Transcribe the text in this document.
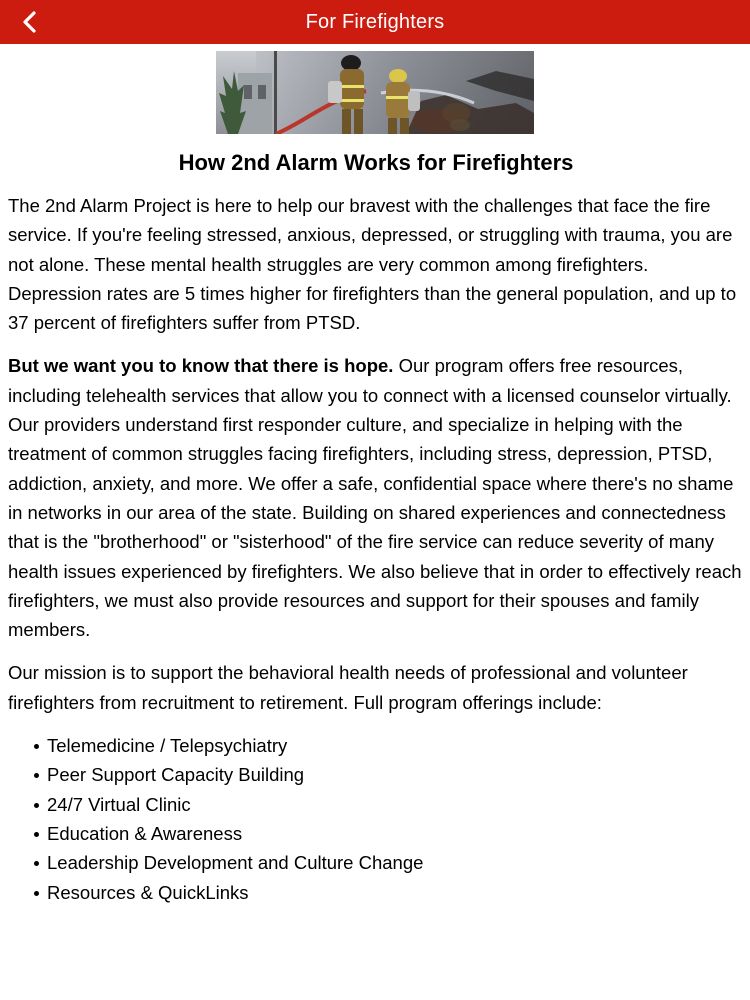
For Firefighters
How 2nd Alarm Works for Firefighters

The 2nd Alarm Project is here to help our bravest with the challenges that face the fire service. If you're feeling stressed, anxious, depressed, or struggling with trauma, you are not alone. These mental health struggles are very common among firefighters. Depression rates are 5 times higher for firefighters than the general population, and up to 37 percent of firefighters suffer from PTSD.

But we want you to know that there is hope. Our program offers free resources, including telehealth services that allow you to connect with a licensed counselor virtually. Our providers understand first responder culture, and specialize in helping with the treatment of common struggles facing firefighters, including stress, depression, PTSD, addiction, anxiety, and more. We offer a safe, confidential space where there's no shame in networks in our area of the state. Building on shared experiences and connectedness that is the "brotherhood" or "sisterhood" of the fire service can reduce severity of many health issues experienced by firefighters. We also believe that in order to effectively reach firefighters, we must also provide resources and support for their spouses and family members.

Our mission is to support the behavioral health needs of professional and volunteer firefighters from recruitment to retirement. Full program offerings include:

Telemedicine / Telepsychiatry
Peer Support Capacity Building
24/7 Virtual Clinic
Education & Awareness
Leadership Development and Culture Change
Resources & QuickLinks
